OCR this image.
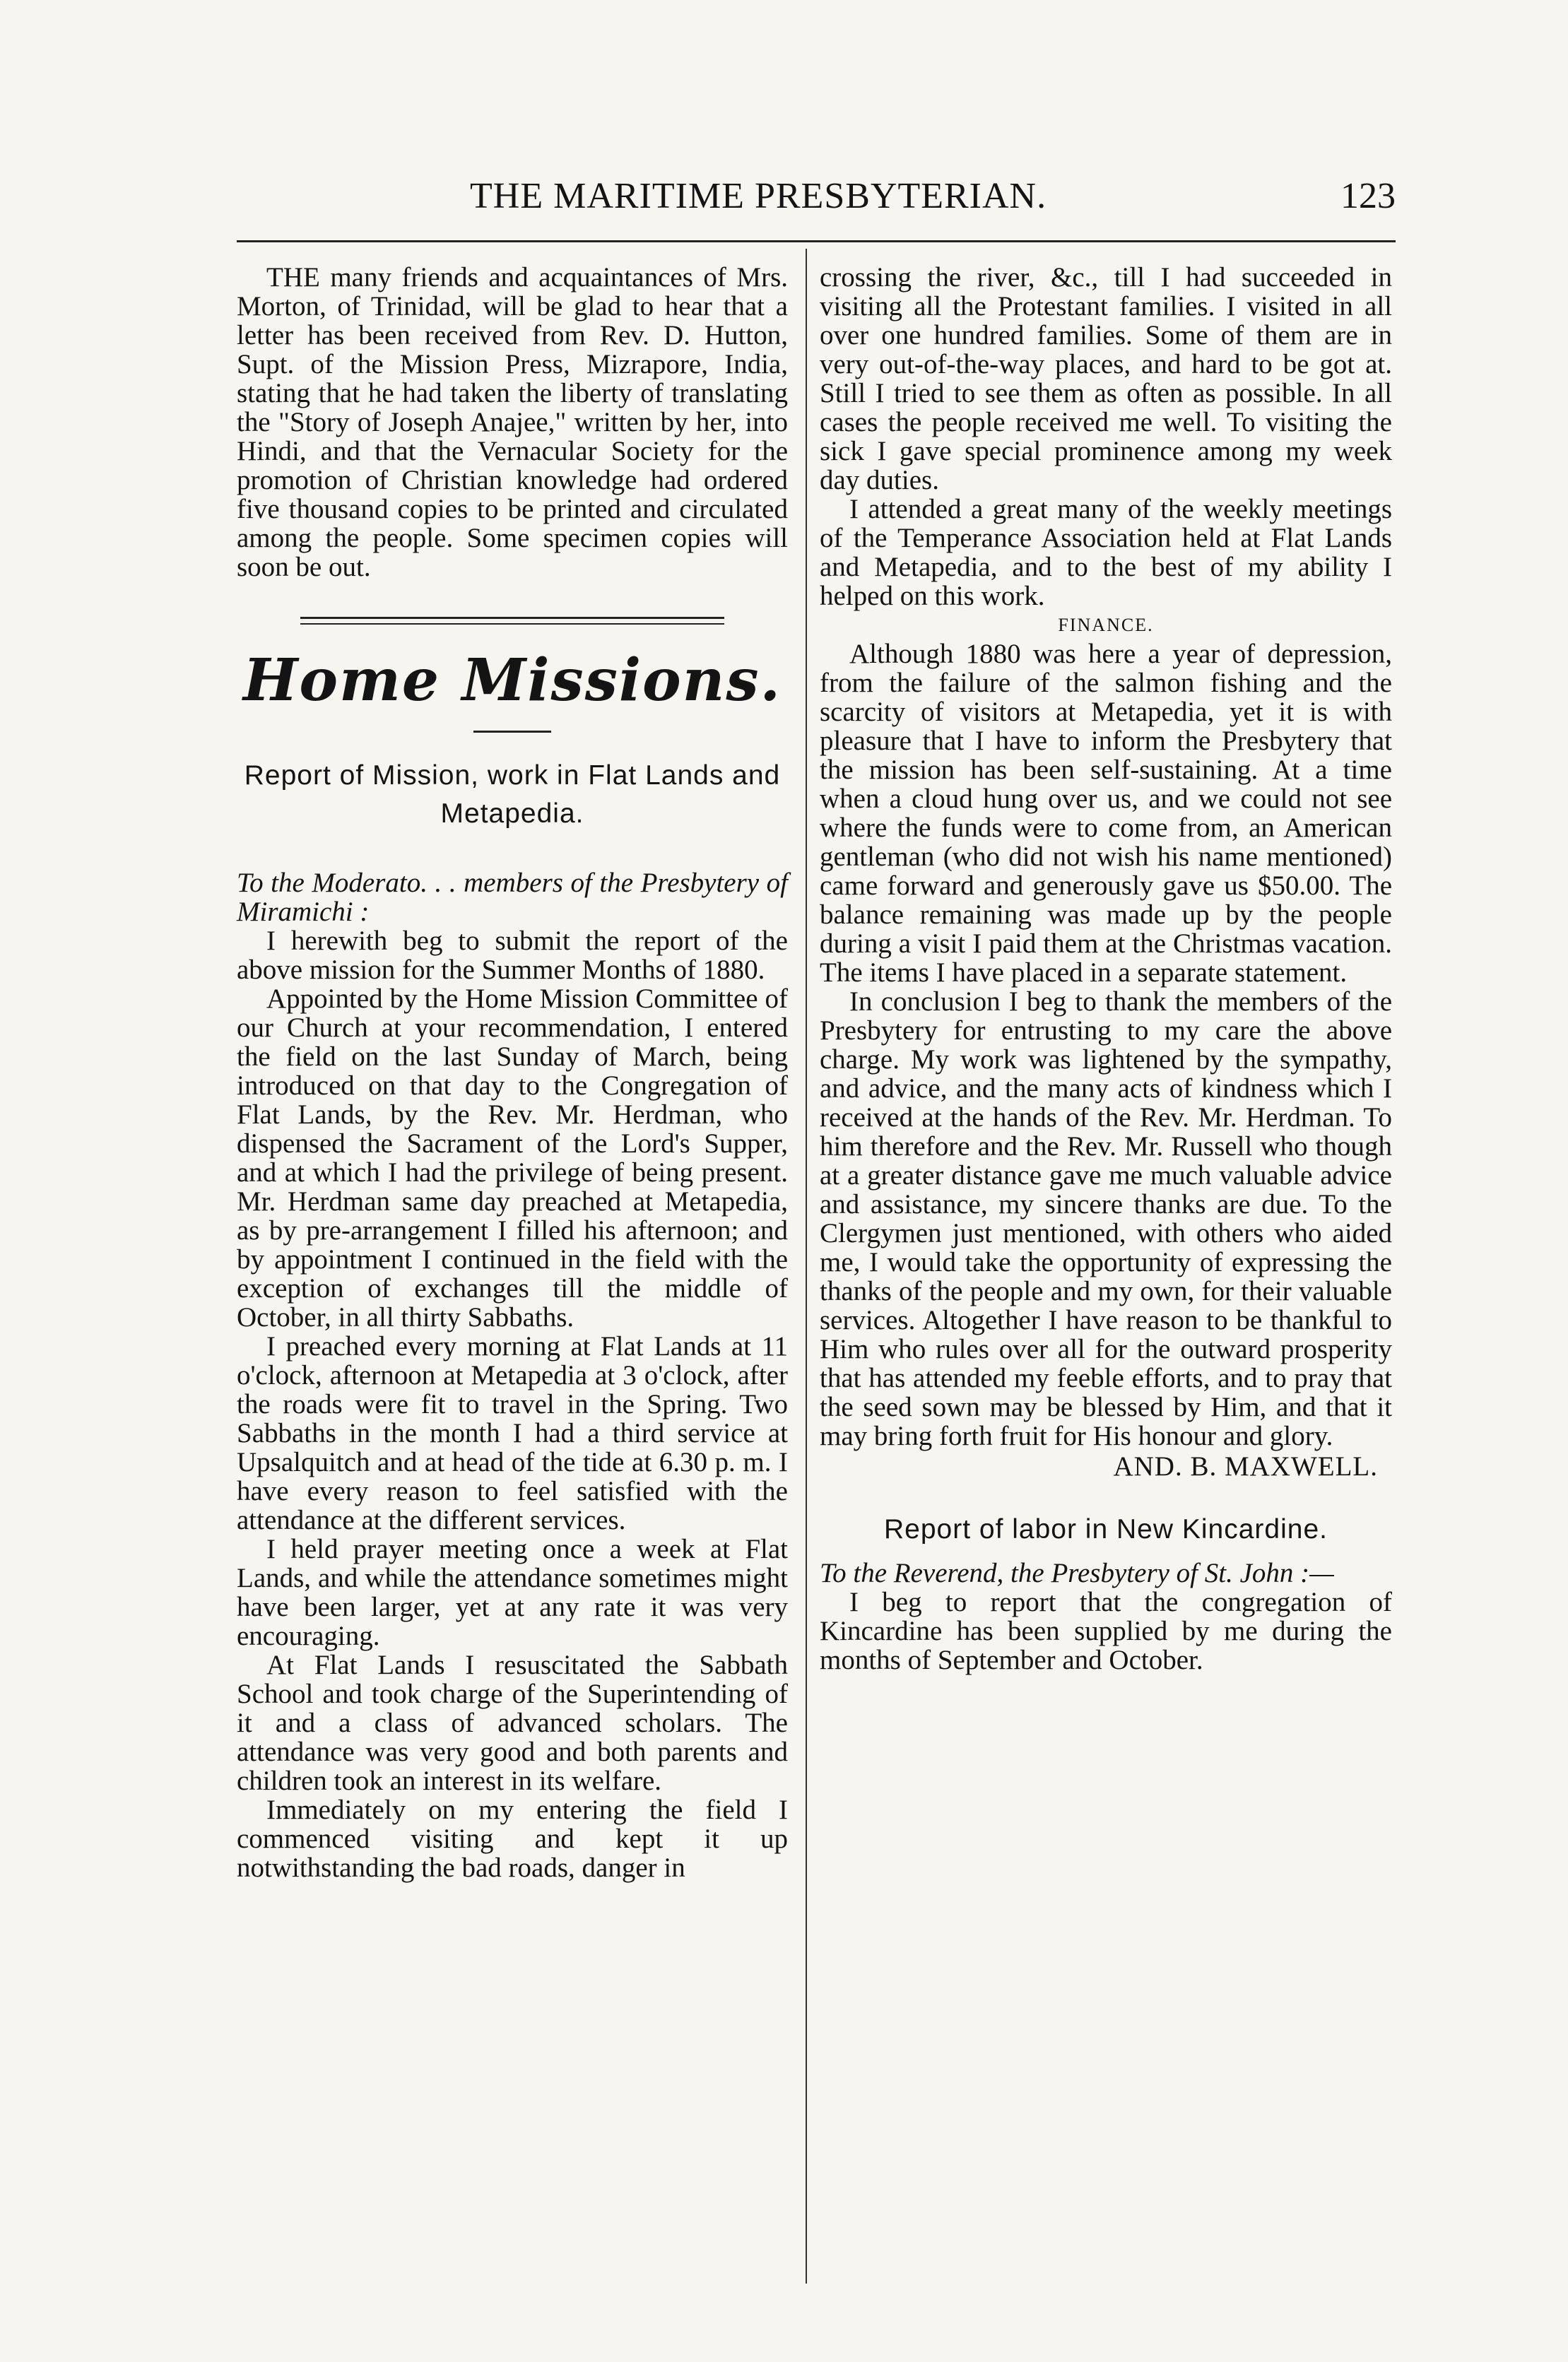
THE MARITIME PRESBYTERIAN.	123

THE many friends and acquaintances of Mrs. Morton, of Trinidad, will be glad to hear that a letter has been received from Rev. D. Hutton, Supt. of the Mission Press, Mizrapore, India, stating that he had taken the liberty of translating the "Story of Joseph Anajee," written by her, into Hindi, and that the Vernacular Society for the promotion of Christian knowledge had ordered five thousand copies to be printed and circulated among the people. Some specimen copies will soon be out.

Home Missions.
Report of Mission, work in Flat Lands and Metapedia.

To the Moderato. . . members of the Presbytery of Miramichi :

I herewith beg to submit the report of the above mission for the Summer Months of 1880.

Appointed by the Home Mission Committee of our Church at your recommendation, I entered the field on the last Sunday of March, being introduced on that day to the Congregation of Flat Lands, by the Rev. Mr. Herdman, who dispensed the Sacrament of the Lord's Supper, and at which I had the privilege of being present. Mr. Herdman same day preached at Metapedia, as by pre-arrangement I filled his afternoon; and by appointment I continued in the field with the exception of exchanges till the middle of October, in all thirty Sabbaths.

I preached every morning at Flat Lands at 11 o'clock, afternoon at Metapedia at 3 o'clock, after the roads were fit to travel in the Spring. Two Sabbaths in the month I had a third service at Upsalquitch and at head of the tide at 6.30 p. m. I have every reason to feel satisfied with the attendance at the different services.

I held prayer meeting once a week at Flat Lands, and while the attendance sometimes might have been larger, yet at any rate it was very encouraging.

At Flat Lands I resuscitated the Sabbath School and took charge of the Superintending of it and a class of advanced scholars. The attendance was very good and both parents and children took an interest in its welfare.

Immediately on my entering the field I commenced visiting and kept it up notwithstanding the bad roads, danger in

crossing the river, &c., till I had succeeded in visiting all the Protestant families. I visited in all over one hundred families. Some of them are in very out-of-the-way places, and hard to be got at. Still I tried to see them as often as possible. In all cases the people received me well. To visiting the sick I gave special prominence among my week day duties.

I attended a great many of the weekly meetings of the Temperance Association held at Flat Lands and Metapedia, and to the best of my ability I helped on this work.

FINANCE.

Although 1880 was here a year of depression, from the failure of the salmon fishing and the scarcity of visitors at Metapedia, yet it is with pleasure that I have to inform the Presbytery that the mission has been self-sustaining. At a time when a cloud hung over us, and we could not see where the funds were to come from, an American gentleman (who did not wish his name mentioned) came forward and generously gave us $50.00. The balance remaining was made up by the people during a visit I paid them at the Christmas vacation. The items I have placed in a separate statement.

In conclusion I beg to thank the members of the Presbytery for entrusting to my care the above charge. My work was lightened by the sympathy, and advice, and the many acts of kindness which I received at the hands of the Rev. Mr. Herdman. To him therefore and the Rev. Mr. Russell who though at a greater distance gave me much valuable advice and assistance, my sincere thanks are due. To the Clergymen just mentioned, with others who aided me, I would take the opportunity of expressing the thanks of the people and my own, for their valuable services. Altogether I have reason to be thankful to Him who rules over all for the outward prosperity that has attended my feeble efforts, and to pray that the seed sown may be blessed by Him, and that it may bring forth fruit for His honour and glory.

AND. B. MAXWELL.

Report of labor in New Kincardine.

To the Reverend, the Presbytery of St. John :—

I beg to report that the congregation of Kincardine has been supplied by me during the months of September and October.
